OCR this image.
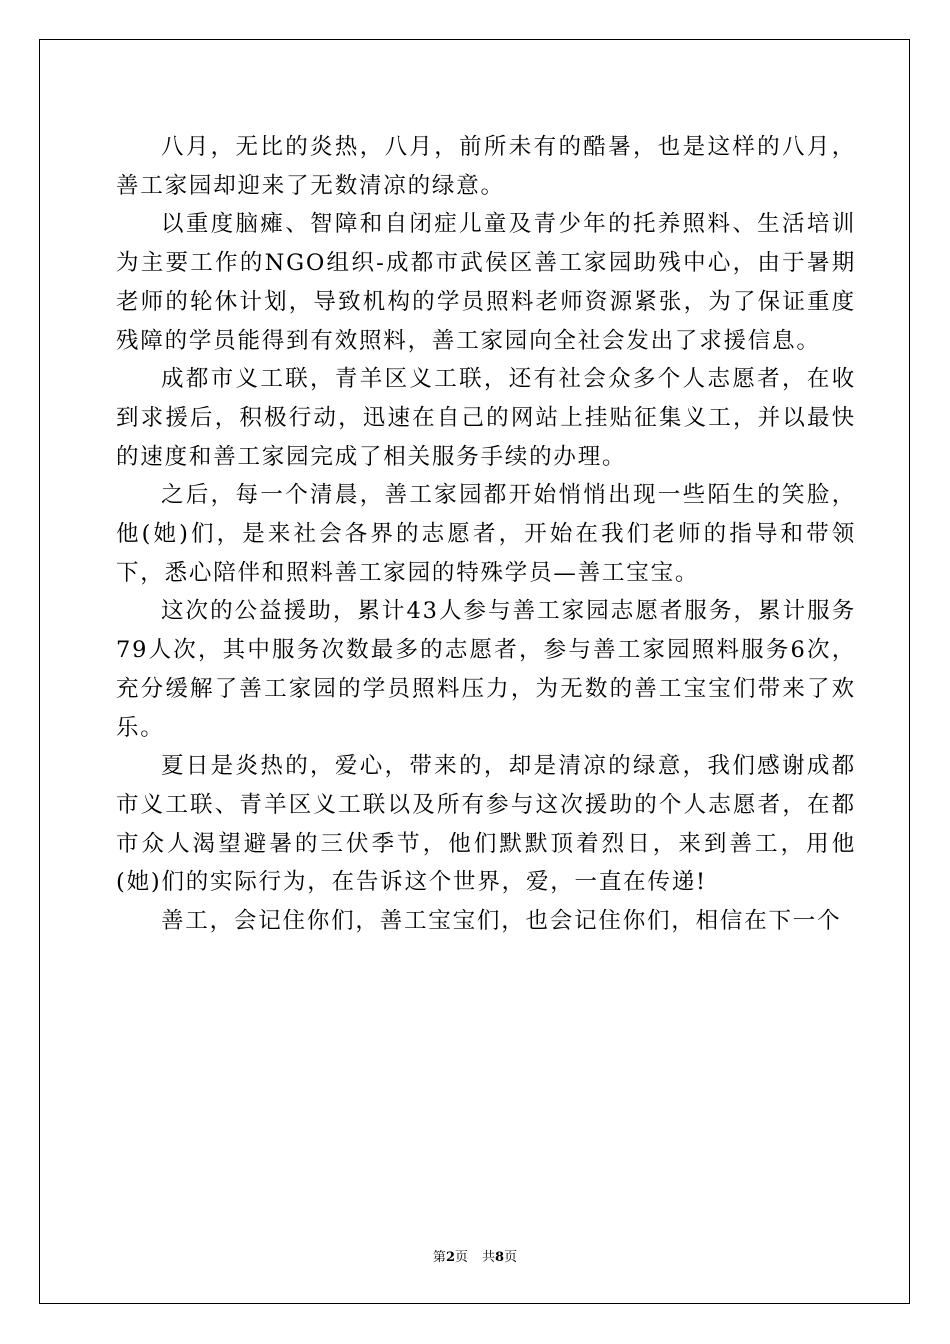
八月，无比的炎热，八月，前所未有的酷暑，也是这样的八月，善工家园却迎来了无数清凉的绿意。

以重度脑瘫、智障和自闭症儿童及青少年的托养照料、生活培训为主要工作的NGO组织-成都市武侯区善工家园助残中心，由于暑期老师的轮休计划，导致机构的学员照料老师资源紧张，为了保证重度残障的学员能得到有效照料，善工家园向全社会发出了求援信息。

成都市义工联，青羊区义工联，还有社会众多个人志愿者，在收到求援后，积极行动，迅速在自己的网站上挂贴征集义工，并以最快的速度和善工家园完成了相关服务手续的办理。

之后，每一个清晨，善工家园都开始悄悄出现一些陌生的笑脸，他(她)们，是来社会各界的志愿者，开始在我们老师的指导和带领下，悉心陪伴和照料善工家园的特殊学员—善工宝宝。

这次的公益援助，累计43人参与善工家园志愿者服务，累计服务79人次，其中服务次数最多的志愿者，参与善工家园照料服务6次，充分缓解了善工家园的学员照料压力，为无数的善工宝宝们带来了欢乐。

夏日是炎热的，爱心，带来的，却是清凉的绿意，我们感谢成都市义工联、青羊区义工联以及所有参与这次援助的个人志愿者，在都市众人渴望避暑的三伏季节，他们默默顶着烈日，来到善工，用他(她)们的实际行为，在告诉这个世界，爱，一直在传递!

善工，会记住你们，善工宝宝们，也会记住你们，相信在下一个

第2页 共8页
